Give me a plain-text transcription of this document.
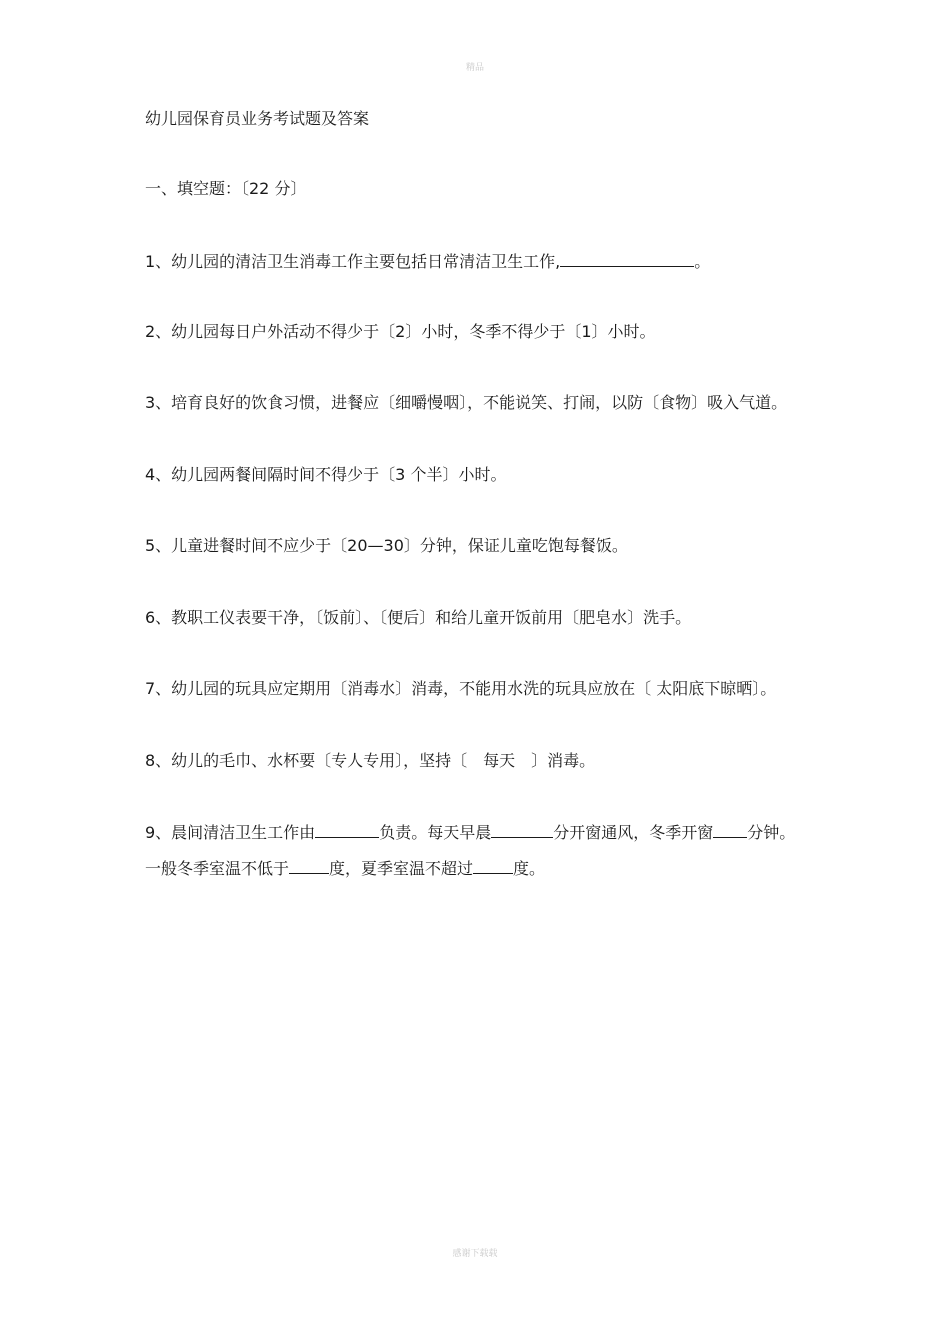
精品
幼儿园保育员业务考试题及答案
一、填空题：〔22 分〕
1、幼儿园的清洁卫生消毒工作主要包括日常清洁卫生工作,	。
2、幼儿园每日户外活动不得少于〔2〕小时，冬季不得少于〔1〕小时。
3、培育良好的饮食习惯，进餐应〔细嚼慢咽〕，不能说笑、打闹，以防〔食物〕吸入气道。
4、幼儿园两餐间隔时间不得少于〔3 个半〕小时。
5、儿童进餐时间不应少于〔20—30〕分钟，保证儿童吃饱每餐饭。
6、教职工仪表要干净，〔饭前〕、〔便后〕和给儿童开饭前用〔肥皂水〕洗手。
7、幼儿园的玩具应定期用〔消毒水〕消毒，不能用水洗的玩具应放在〔 太阳底下晾晒〕。
8、幼儿的毛巾、水杯要〔专人专用〕，坚持〔　每天　〕消毒。
9、晨间清洁卫生工作由	负责。每天早晨	分开窗通风，冬季开窗 分钟。
一般冬季室温不低于	度，夏季室温不超过	度。
感谢下载载
